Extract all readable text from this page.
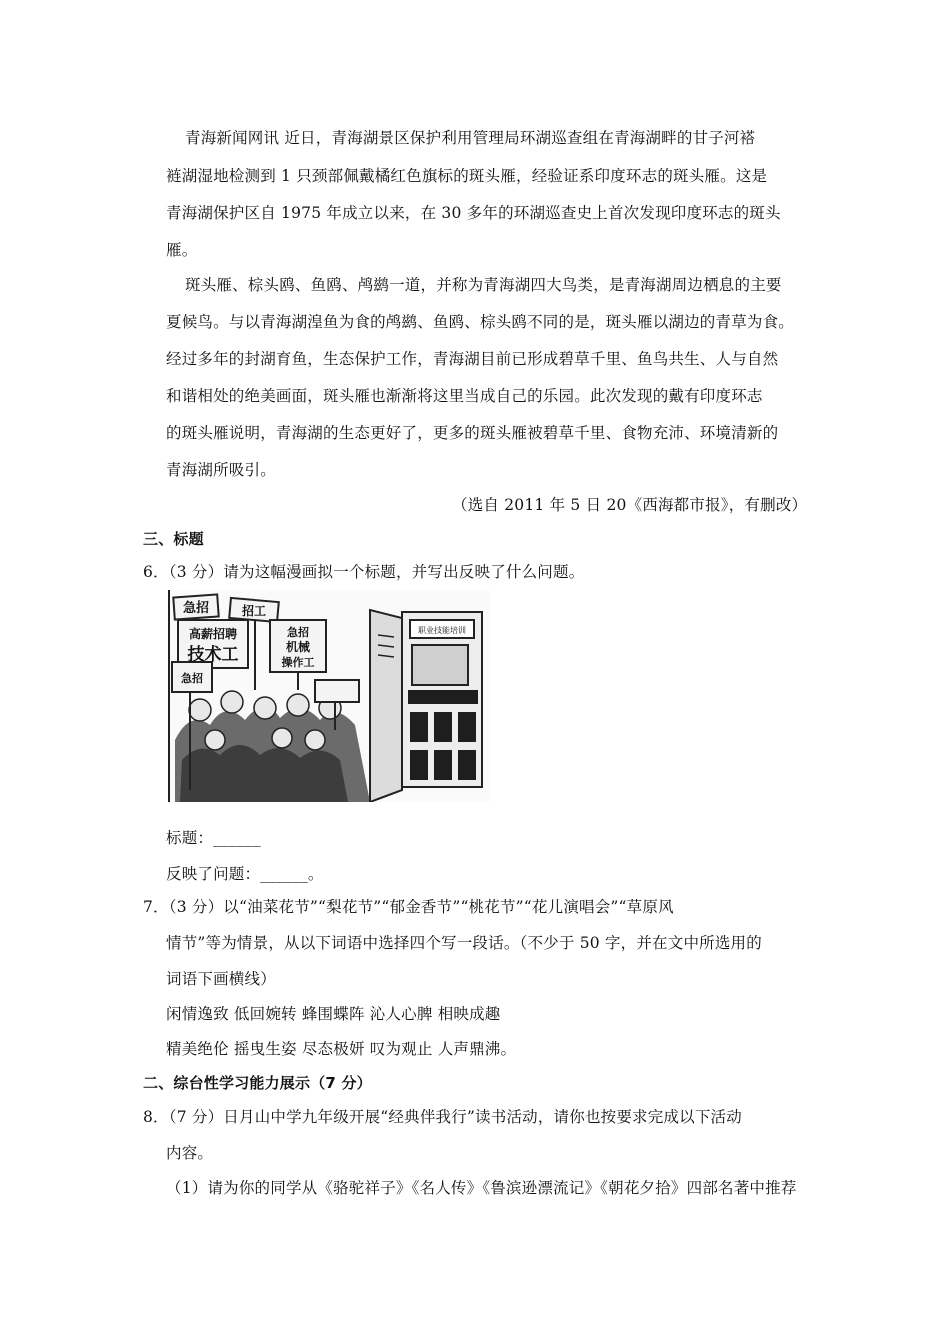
青海新闻网讯 近日，青海湖景区保护利用管理局环湖巡查组在青海湖畔的甘子河褡
裢湖湿地检测到 1 只颈部佩戴橘红色旗标的斑头雁，经验证系印度环志的斑头雁。这是
青海湖保护区自 1975 年成立以来，在 30 多年的环湖巡查史上首次发现印度环志的斑头
雁。
斑头雁、棕头鸥、鱼鸥、鸬鹚一道，并称为青海湖四大鸟类，是青海湖周边栖息的主要
夏候鸟。与以青海湖湟鱼为食的鸬鹚、鱼鸥、棕头鸥不同的是，斑头雁以湖边的青草为食。
经过多年的封湖育鱼，生态保护工作，青海湖目前已形成碧草千里、鱼鸟共生、人与自然
和谐相处的绝美画面，斑头雁也渐渐将这里当成自己的乐园。此次发现的戴有印度环志
的斑头雁说明，青海湖的生态更好了，更多的斑头雁被碧草千里、食物充沛、环境清新的
青海湖所吸引。
（选自 2011 年 5 日 20《西海都市报》，有删改）
三、标题
6．（3 分）请为这幅漫画拟一个标题，并写出反映了什么问题。
急招	招工
高薪招聘
技术工
急招
机械
操作工
急招
职业技能培训
标题：______
反映了问题：______。
7．（3 分）以“油菜花节”“梨花节”“郁金香节”“桃花节”“花儿演唱会”“草原风
情节”等为情景，从以下词语中选择四个写一段话。（不少于 50 字，并在文中所选用的
词语下画横线）
闲情逸致 低回婉转 蜂围蝶阵 沁人心脾 相映成趣
精美绝伦 摇曳生姿 尽态极妍 叹为观止 人声鼎沸。
二、综台性学习能力展示（7 分）
8．（7 分）日月山中学九年级开展“经典伴我行”读书活动，请你也按要求完成以下活动
内容。
（1）请为你的同学从《骆驼祥子》《名人传》《鲁滨逊漂流记》《朝花夕拾》四部名著中推荐
